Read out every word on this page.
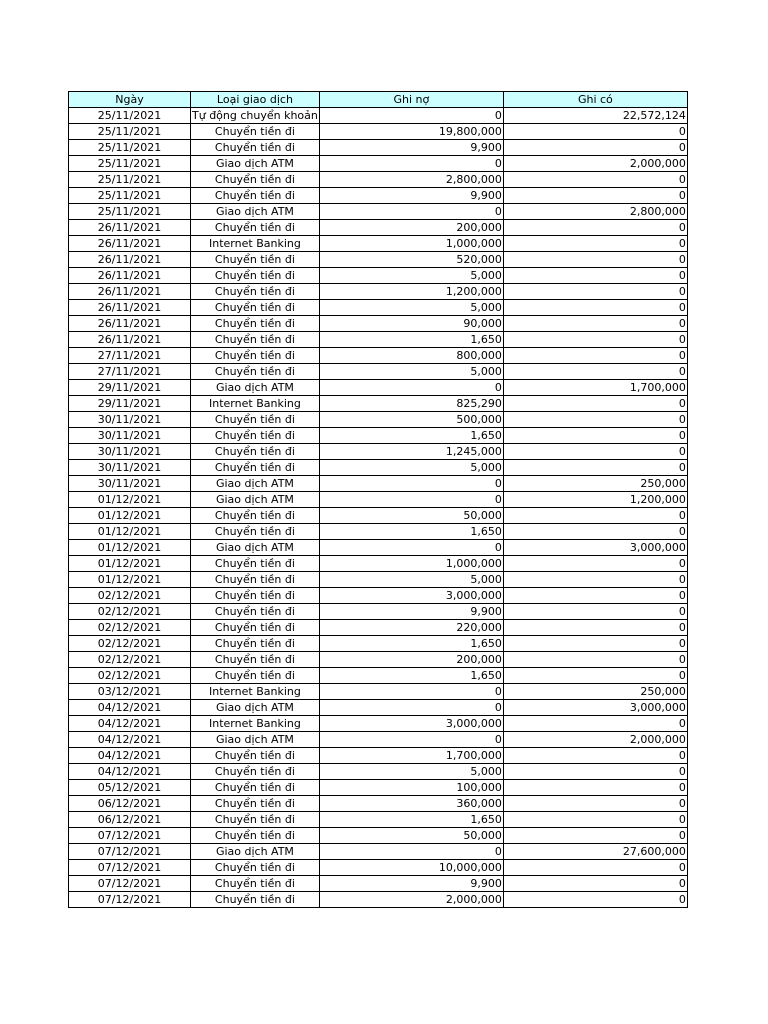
Ngày	Loại giao dịch	Ghi nợ	Ghi có
25/11/2021	Tự động chuyển khoản	0	22,572,124
25/11/2021	Chuyển tiền đi	19,800,000	0
25/11/2021	Chuyển tiền đi	9,900	0
25/11/2021	Giao dịch ATM	0	2,000,000
25/11/2021	Chuyển tiền đi	2,800,000	0
25/11/2021	Chuyển tiền đi	9,900	0
25/11/2021	Giao dịch ATM	0	2,800,000
26/11/2021	Chuyển tiền đi	200,000	0
26/11/2021	Internet Banking	1,000,000	0
26/11/2021	Chuyển tiền đi	520,000	0
26/11/2021	Chuyển tiền đi	5,000	0
26/11/2021	Chuyển tiền đi	1,200,000	0
26/11/2021	Chuyển tiền đi	5,000	0
26/11/2021	Chuyển tiền đi	90,000	0
26/11/2021	Chuyển tiền đi	1,650	0
27/11/2021	Chuyển tiền đi	800,000	0
27/11/2021	Chuyển tiền đi	5,000	0
29/11/2021	Giao dịch ATM	0	1,700,000
29/11/2021	Internet Banking	825,290	0
30/11/2021	Chuyển tiền đi	500,000	0
30/11/2021	Chuyển tiền đi	1,650	0
30/11/2021	Chuyển tiền đi	1,245,000	0
30/11/2021	Chuyển tiền đi	5,000	0
30/11/2021	Giao dịch ATM	0	250,000
01/12/2021	Giao dịch ATM	0	1,200,000
01/12/2021	Chuyển tiền đi	50,000	0
01/12/2021	Chuyển tiền đi	1,650	0
01/12/2021	Giao dịch ATM	0	3,000,000
01/12/2021	Chuyển tiền đi	1,000,000	0
01/12/2021	Chuyển tiền đi	5,000	0
02/12/2021	Chuyển tiền đi	3,000,000	0
02/12/2021	Chuyển tiền đi	9,900	0
02/12/2021	Chuyển tiền đi	220,000	0
02/12/2021	Chuyển tiền đi	1,650	0
02/12/2021	Chuyển tiền đi	200,000	0
02/12/2021	Chuyển tiền đi	1,650	0
03/12/2021	Internet Banking	0	250,000
04/12/2021	Giao dịch ATM	0	3,000,000
04/12/2021	Internet Banking	3,000,000	0
04/12/2021	Giao dịch ATM	0	2,000,000
04/12/2021	Chuyển tiền đi	1,700,000	0
04/12/2021	Chuyển tiền đi	5,000	0
05/12/2021	Chuyển tiền đi	100,000	0
06/12/2021	Chuyển tiền đi	360,000	0
06/12/2021	Chuyển tiền đi	1,650	0
07/12/2021	Chuyển tiền đi	50,000	0
07/12/2021	Giao dịch ATM	0	27,600,000
07/12/2021	Chuyển tiền đi	10,000,000	0
07/12/2021	Chuyển tiền đi	9,900	0
07/12/2021	Chuyển tiền đi	2,000,000	0
